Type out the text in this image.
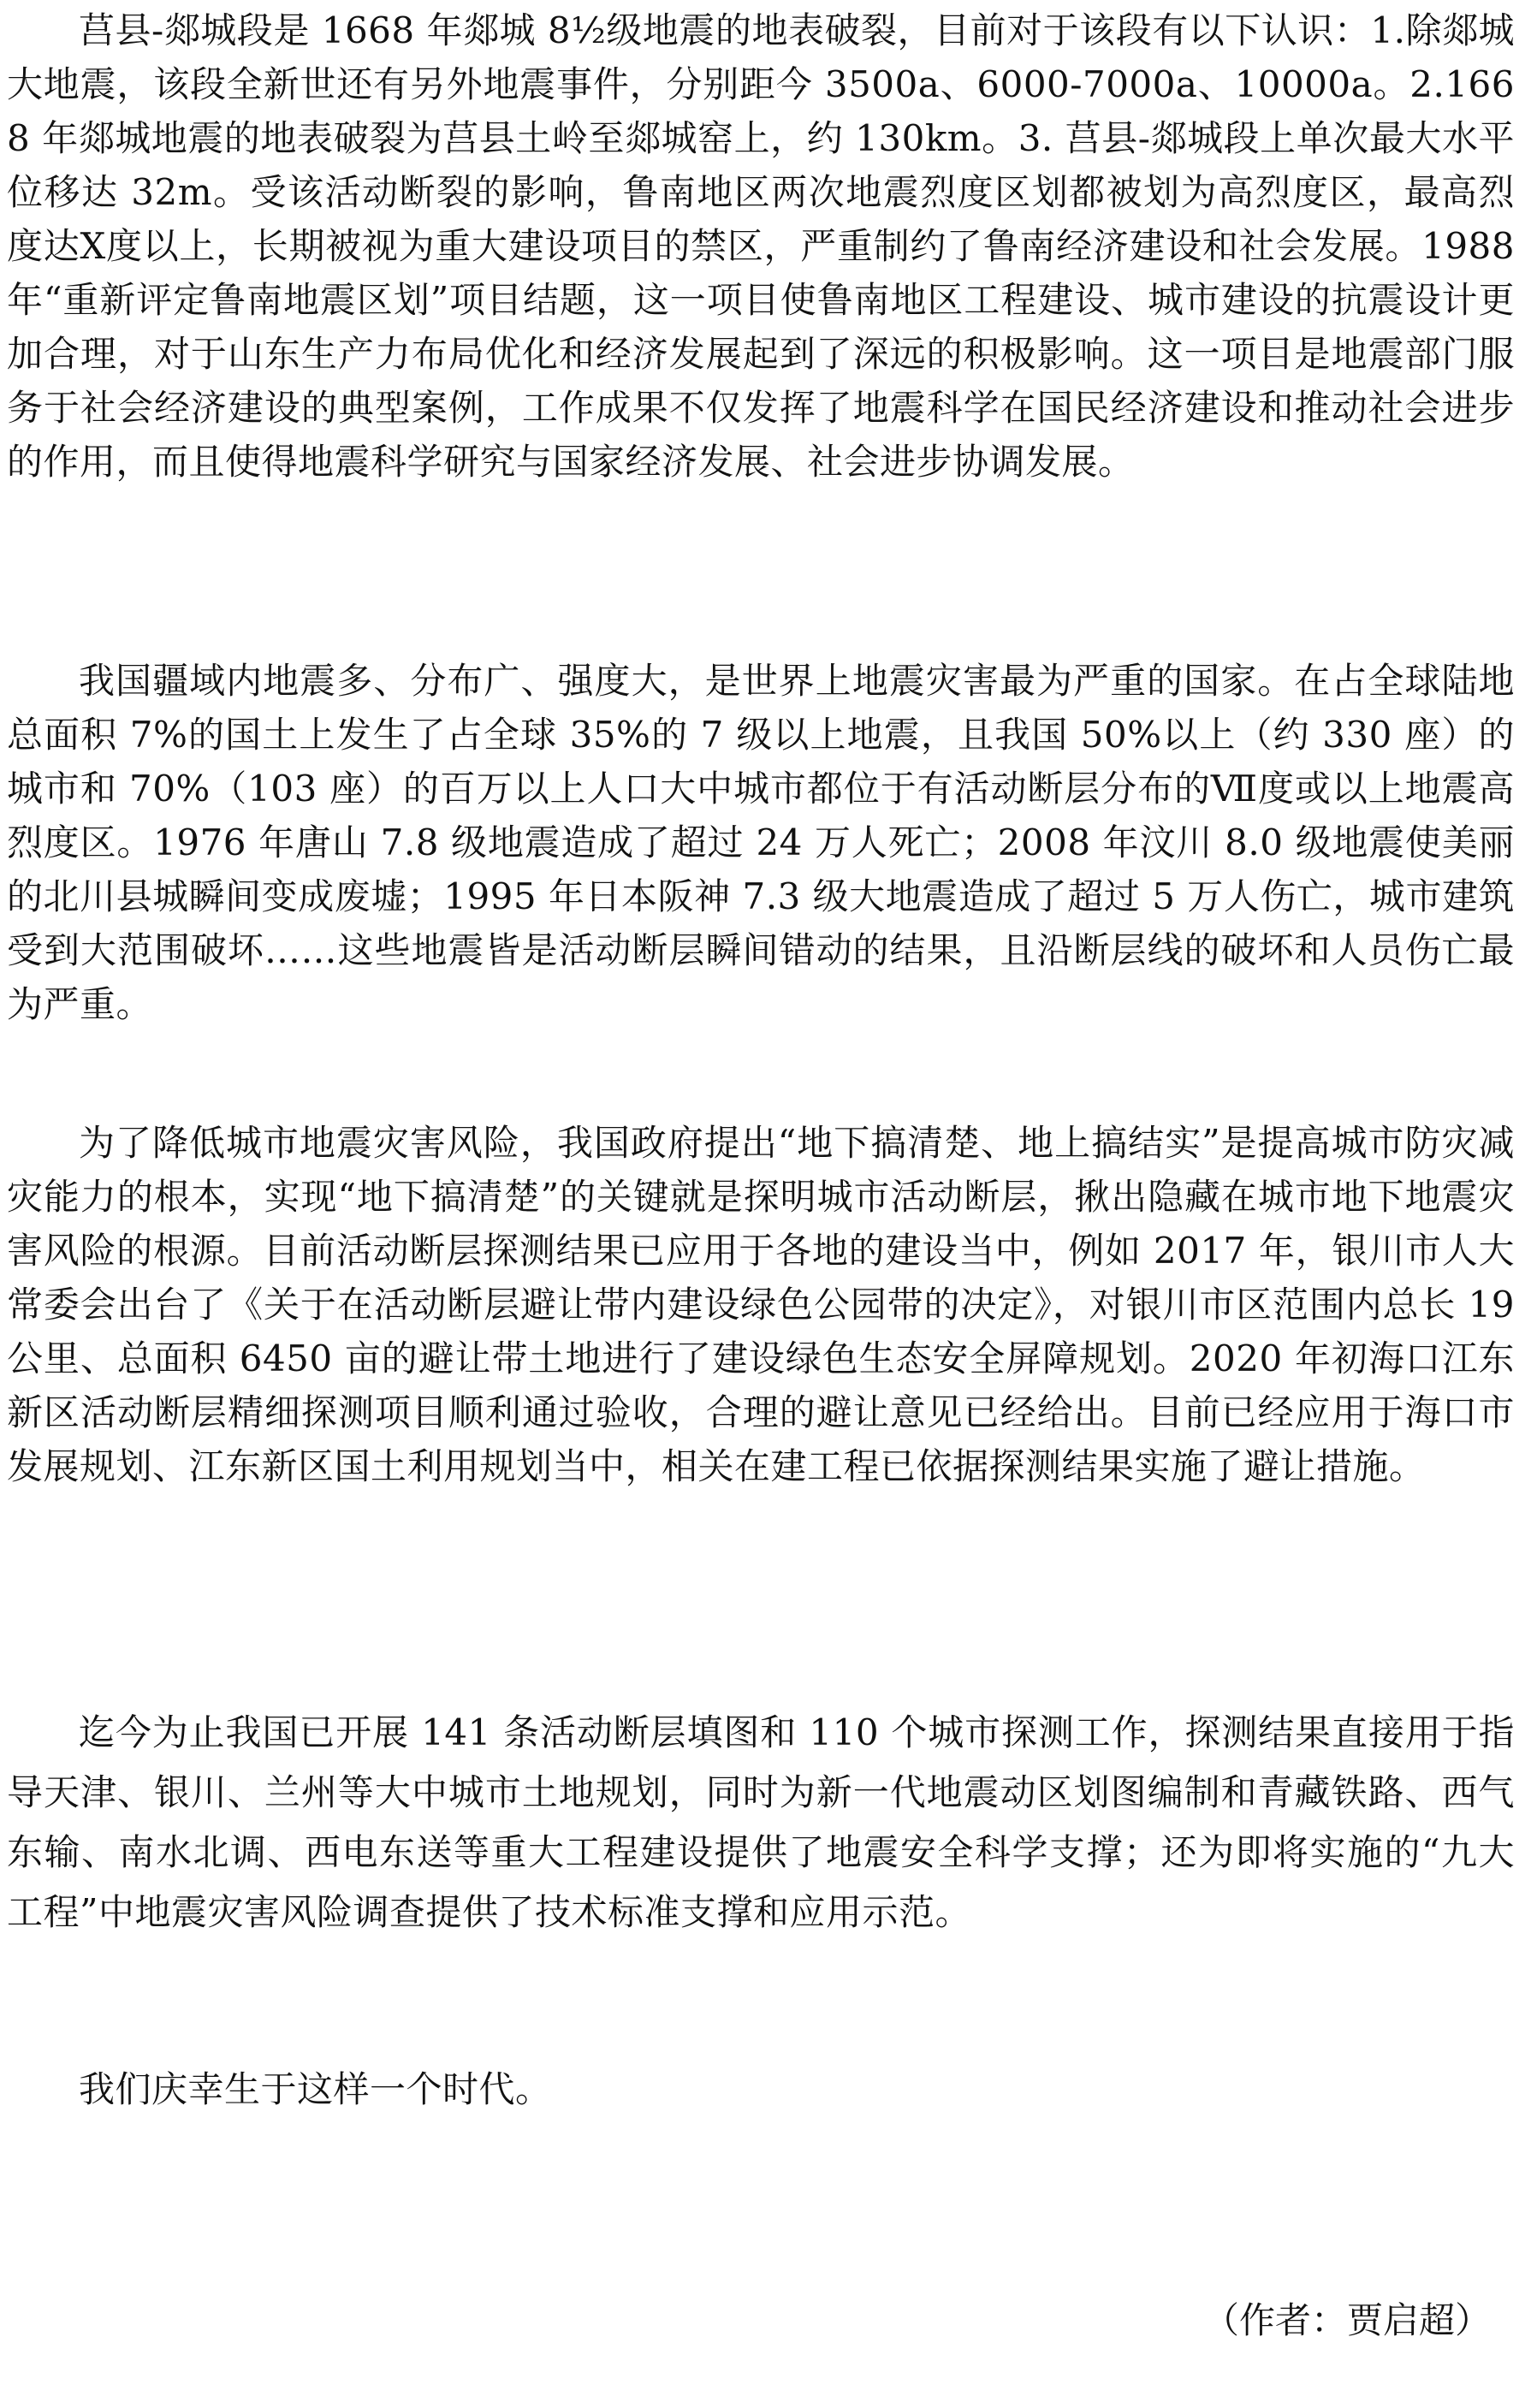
莒县-郯城段是 1668 年郯城 8½级地震的地表破裂，目前对于该段有以下认识：1.除郯城大地震，该段全新世还有另外地震事件，分别距今 3500a、6000-7000a、10000a。2.1668 年郯城地震的地表破裂为莒县土岭至郯城窑上，约 130km。3. 莒县-郯城段上单次最大水平位移达 32m。受该活动断裂的影响，鲁南地区两次地震烈度区划都被划为高烈度区，最高烈度达Ⅹ度以上，长期被视为重大建设项目的禁区，严重制约了鲁南经济建设和社会发展。1988 年“重新评定鲁南地震区划”项目结题，这一项目使鲁南地区工程建设、城市建设的抗震设计更加合理，对于山东生产力布局优化和经济发展起到了深远的积极影响。这一项目是地震部门服务于社会经济建设的典型案例，工作成果不仅发挥了地震科学在国民经济建设和推动社会进步的作用，而且使得地震科学研究与国家经济发展、社会进步协调发展。

我国疆域内地震多、分布广、强度大，是世界上地震灾害最为严重的国家。在占全球陆地总面积 7%的国土上发生了占全球 35%的 7 级以上地震，且我国 50%以上（约 330 座）的城市和 70%（103 座）的百万以上人口大中城市都位于有活动断层分布的Ⅶ度或以上地震高烈度区。1976 年唐山 7.8 级地震造成了超过 24 万人死亡；2008 年汶川 8.0 级地震使美丽的北川县城瞬间变成废墟；1995 年日本阪神 7.3 级大地震造成了超过 5 万人伤亡，城市建筑受到大范围破坏……这些地震皆是活动断层瞬间错动的结果，且沿断层线的破坏和人员伤亡最为严重。

为了降低城市地震灾害风险，我国政府提出“地下搞清楚、地上搞结实”是提高城市防灾减灾能力的根本，实现“地下搞清楚”的关键就是探明城市活动断层，揪出隐藏在城市地下地震灾害风险的根源。目前活动断层探测结果已应用于各地的建设当中，例如 2017 年，银川市人大常委会出台了《关于在活动断层避让带内建设绿色公园带的决定》，对银川市区范围内总长 19 公里、总面积 6450 亩的避让带土地进行了建设绿色生态安全屏障规划。2020 年初海口江东新区活动断层精细探测项目顺利通过验收，合理的避让意见已经给出。目前已经应用于海口市发展规划、江东新区国土利用规划当中，相关在建工程已依据探测结果实施了避让措施。

迄今为止我国已开展 141 条活动断层填图和 110 个城市探测工作，探测结果直接用于指导天津、银川、兰州等大中城市土地规划，同时为新一代地震动区划图编制和青藏铁路、西气东输、南水北调、西电东送等重大工程建设提供了地震安全科学支撑；还为即将实施的“九大工程”中地震灾害风险调查提供了技术标准支撑和应用示范。

我们庆幸生于这样一个时代。

（作者：贾启超）
